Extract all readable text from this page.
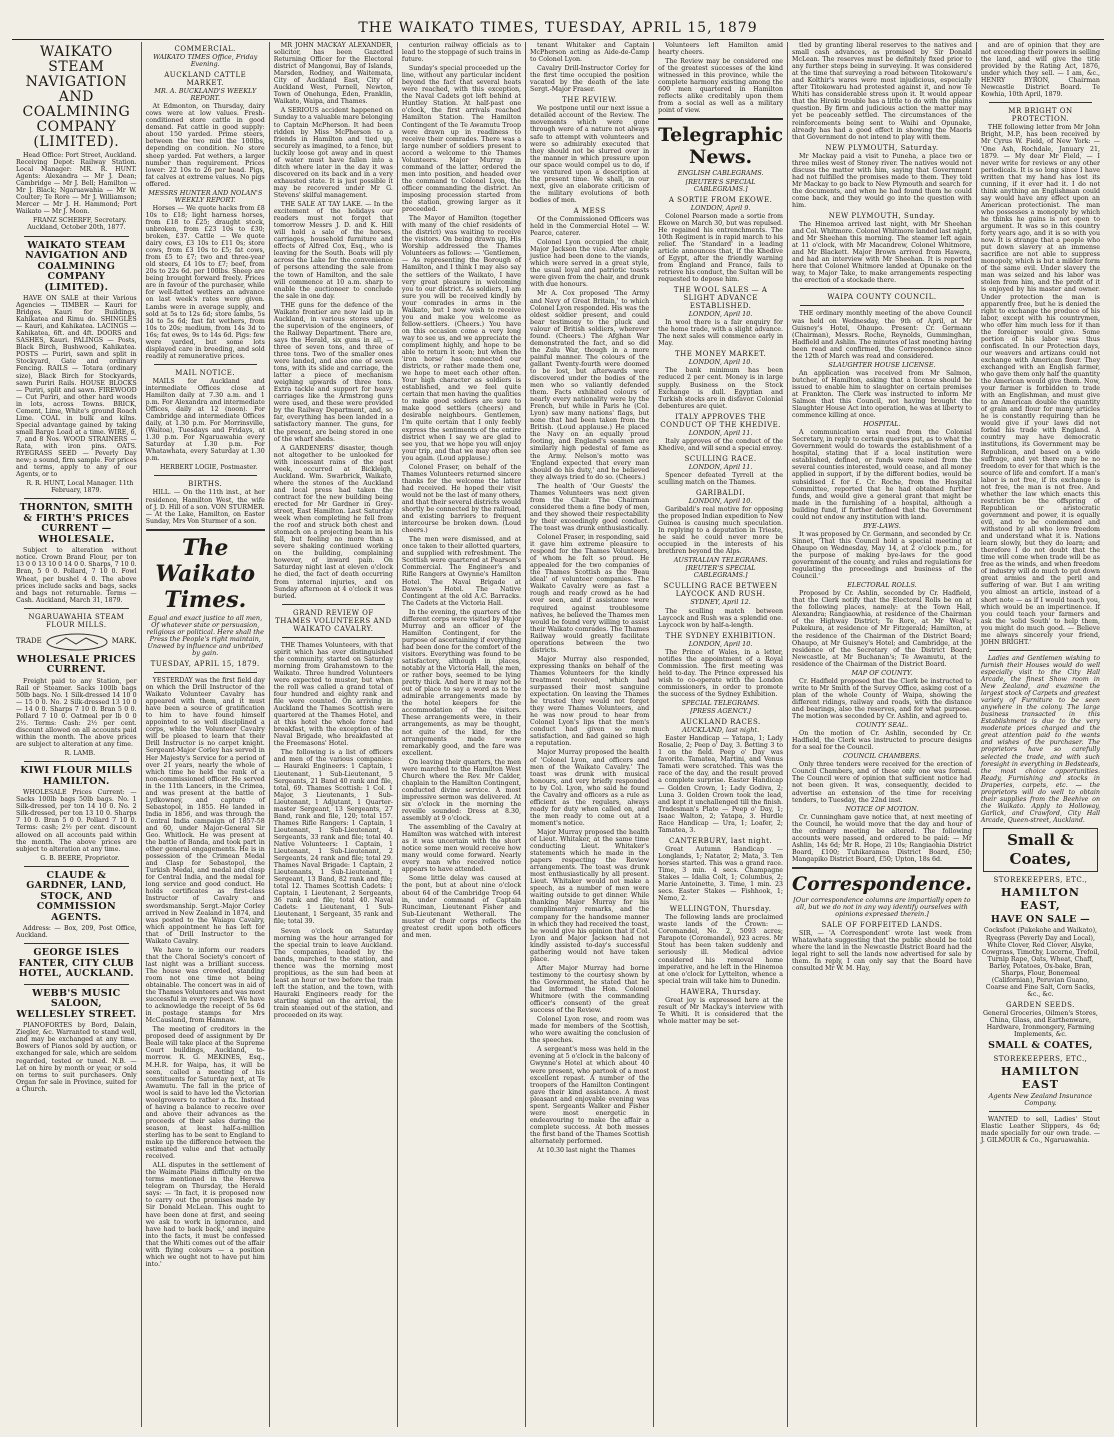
THE WAIKATO TIMES, TUESDAY, APRIL 15, 1879
WAIKATO STEAM NAVIGATION AND COALMINING COMPANY (LIMITED).

Head Office: Port Street, Auckland. Receiving Depot: Railway Station. Local Manager: MR. R. HUNT. Agents: Alexandra — Mr J. Dean; Cambridge — Mr J. Bell; Hamilton — Mr J. Black; Ngaruawahia — Mr W. Coulter; Te Rore — Mr J. Williamson; Mercer — Mr J. H. Hammond; Port Waikato — Mr J. Moon.

FRANZ SCHERFF, Secretary. Auckland, October 20th, 1877.

WAIKATO STEAM NAVIGATION AND COALMINING COMPANY (LIMITED).

HAVE ON SALE at their Various Agencies — TIMBER — Kauri for Bridges, Kauri for Buildings, Kahikatea and Rimu do. SHINGLES — Kauri, and Kahikatea. LACINGS — Kahikatea, 6ft. and 4ft. DOORS and SASHES, Kauri. PALINGS — Posts, Black Birch, Bushwood, Kahikatea. POSTS — Puriri, sawn and split in Stockyard, Gate and ordinary Fencing. RAILS — Totara (ordinary size), Black Birch for Stockyards, sawn Puriri Rails. HOUSE BLOCKS — Puriri, split and sawn. FIREWOOD — Cut Puriri, and other hard woods in lots, across Towns. BRICK, Cement, Lime, White's ground Roach Lime. COAL in bulk and kilns. Special advantage gained by taking small Barge Load at a time. WIRE, 6, 7, and 8 Nos. WOOD STRAINERS — Rata, with iron pins. OATS. RYEGRASS SEED — Peverly Day new; a sound, firm sample. For prices and terms, apply to any of our Agents, or to

R. R. HUNT, Local Manager. 11th February, 1879.

THORNTON, SMITH & FIRTH'S PRICES CURRENT — WHOLESALE.

Subject to alteration without notice. Crown Brand Flour, per ton 13 0 0 13 10 0 14 0 0. Sharps, 7 10 0. Bran, 5 0 0. Pollard, 7 10 0. Fowl Wheat, per bushel 4 0. The above prices include sacks and bags, sacks and bags not returnable. Terms — Cash. Auckland, March 31, 1879.

NGARUAWAHIA STEAM FLOUR MILLS.
TRADE	MARK.
WHOLESALE PRICES CURRENT.

Freight paid to any Station, per Rail or Steamer. Sacks 100lb bags 50lb bags. No. 1 Silk-dressed 14 10 0 — 15 0 0. No. 2 Silk-dressed 13 10 0 — 14 0 0. Sharps 7 10 0. Bran 5 0 0. Pollard 7 10 0. Oatmeal per lb 0 0 2½. Terms: Cash: 2½ per cent. discount allowed on all accounts paid within the month. The above prices are subject to alteration at any time.

R. LAMB.

KIWI FLOUR MILLS HAMILTON.

WHOLESALE Prices Current: — Sacks 100lb bags 50lb bags. No. 1 Silk-dressed, per ton 14 10 0. No. 2 Silk-dressed, per ton 13 10 0. Sharps 7 10 0. Bran 5 0 0. Pollard 7 10 0. Terms: cash; 2½ per cent. discount allowed on all accounts paid within the month. The above prices are subject to alteration at any time.

G. B. BEERE, Proprietor.

CLAUDE & GARDNER, LAND, STOCK, AND COMMISSION AGENTS.

Address: — Box, 209, Post Office, Auckland.

GEORGE ISLES FANTER, CITY CLUB HOTEL, AUCKLAND.
WEBB'S MUSIC SALOON, WELLESLEY STREET.

PIANOFORTES by Bord, Dalain, Ziegler, &c. Warranted to stand well, and may be exchanged at any time. Bowers of Pianos sold by auction, or exchanged for sale, which are seldom regarded, tested or tuned. N.B. — Let on hire by month or year, or sold on terms to suit purchasers. Only Organ for sale in Province, suited for a Church.

COMMERCIAL.
WAIKATO TIMES Office, Friday Evening.
AUCKLAND CATTLE MARKET.
MR. A. BUCKLAND'S WEEKLY REPORT.

At Edmonton, on Thursday, dairy cows were at low values. Fresh-conditioned store cattle in good demand. Fat cattle in good supply: about 150 yarded. Prime steers, between the two mid the 100lbs, depending on condition. No store sheep yarded. Fat wethers, a larger number than requirement. Prices lower: 22 10s to 26 per head. Pigs, fat calves at extreme values. No pigs offered.

MESSRS HUNTER AND NOLAN'S WEEKLY REPORT.

Horses — We quote hacks from £8 10s to £18; light harness horses, from £18 to £25; draught stock, unbroken, from £23 10s to £30; broken, £37. Cattle — We quote dairy cows, £3 10s to £11 0s; store cows, from £3 10s to £5; fat cows, from £5 to £7; two and three-year old steers, £4 10s to £7; beef, from 20s to 22s 6d. per 100lbs. Sheep are being brought forward freely. Prices are in favour of the purchaser, while for well-fatted wethers an advance on last week's rates were given. Lambs were in average supply, and sold at 5s to 12s 6d; store lambs, 5s 3d to 5s 6d; fast fat wethers, from 10s to 20s; medium, from 14s 3d to 16s; fat ewes, 9s to 14s 6d. Pigs: few were yarded, but some lots displayed care in breeding, and sold readily at remunerative prices.

MAIL NOTICE.

MAILS for Auckland and intermediate Offices close at Hamilton daily at 7.30 a.m. and 1 p.m. For Alexandra and intermediate Offices, daily at 12 (noon). For Cambridge and intermediate Offices daily, at 1.30 p.m. For Morrinsville, (Waitoa), Tuesdays and Fridays, at 1.30 p.m. For Ngaruawahia every Saturday at 1.30 p.m. For Whatawhata, every Saturday at 1.30 p.m.

HERBERT LOGIE, Postmaster.

BIRTHS.

HILL. — On the 11th inst., at her residence, Hamilton West, the wife of J. D. Hill of a son. VON STURMER. — At the Lake, Hamilton, on Easter Sunday, Mrs Von Sturmer of a son.

The Waikato Times.
Equal and exact justice to all men, Of whatever state or persuasion, religious or political. Here shall the Press the People's right maintain, Unawed by influence and unbribed by gain.
TUESDAY, APRIL 15, 1879.

YESTERDAY was the first field day on which the Drill Instructor of the Waikato Volunteer Cavalry has appeared with them, and it must have been a source of gratification to him to have found himself appointed to so well disciplined a corps, while the Volunteer Cavalry will be pleased to learn that their Drill Instructor is no carpet knight. Sergeant-Major Corley has served in Her Majesty's Service for a period of over 21 years, nearly the whole of which time he held the rank of a non-commissioned officer. He served in the 11th Lancers, in the Crimea, and was present at the battle of Lydkowney, and capture of Sebastopol, in 1855. He landed in India in 1856, and was through the Central India campaign of 1857-58 and 60, under Major-General Sir Geo. Whitlock. He was present at the battle of Banda, and took part in other general engagements. He is in possession of the Crimean Medal and Clasp for Sebastopol, the Turkish Medal, and medal and clasp for Central India, and the medal for long service and good conduct. He holds certificates as first-class Instructor of Cavalry and swordsmanship. Sergt.-Major Corley arrived in New Zealand in 1874, and was posted to the Waiapu Cavalry, which appointment he has left for that of Drill Instructor to the Waikato Cavalry.

We have to inform our readers that the Choral Society's concert of last night was a brilliant success. The house was crowded, standing room not one time not being obtainable. The concert was in aid of the Thames Volunteers and was most successful in every respect. We have to acknowledge the receipt of 5s 6d in postage stamps for Mrs McCausland, from Hamnaw.

The meeting of creditors in the proposed deed of assignment by Dr Beale will take place at the Supreme Court buildings, Auckland, to-morrow. R. G. MEKINES, Esq., M.H.R. for Waipa, has, it will be seen, called a meeting of his constituents for Saturday next, at Te Awamutu. The fall in the price of wool is said to have led the Victorian woolgrowers to rather a fix. Instead of having a balance to receive over and above their advances as the proceeds of their sales during the season, at least half-a-million sterling has to be sent to England to make up the difference between the estimated value and that actually received.

ALL disputes in the settlement of the Waimate Plains difficulty on the terms mentioned in the Herewa telegram on Thursday, the Herald says: — 'In fact, it is proposed now to carry out the promises made by Sir Donald McLean. This ought to have been done at first, and seeing we ask to work in ignorance, and have had to back back,' and inquire into the facts, it must be confessed that the Whiti comes out of the affair with flying colours — a position which we ought not to have put him into.'

MR JOHN MACKAY ALEXANDER, solicitor, has been Gazetted Returning Officer for the Electoral district of Mangonui, Bay of Islands, Marsden, Rodney, and Waitemata, City of Auckland East, City of Auckland West, Parnell, Newton, Town of Onehunga, Eden, Franklin, Waikato, Waipa, and Thames.

A SERIOUS accident happened on Sunday to a valuable mare belonging to Captain McPherson. It had been ridden by Miss McPherson to a friends in Hamilton and tied up, securely as imagined, to a fence, but luckily loose got away and in quest of water must have fallen into a ditch where later in the day it was discovered on its back and in a very exhausted state. It is just possible it may be recovered under Mr G. Stevens' skilful management.

THE SALE AT TAY LAKE. — In the excitement of the holidays our readers must not forget that tomorrow Messrs J. D. and K. Hill will hold a sale of the horses, carriages, household furniture and effects of Alfred Cox, Esq., who is leaving for the South. Boats will ply across the Lake for the convenience of persons attending the sale from the town of Hamilton, and the sale will commence at 10 a.m. sharp to enable the auctioneer to conclude the sale in one day.

THE guns for the defence of the Waikato frontier are now laid up in Auckland, in various stores under the supervision of the engineers, of the Railway Department. There are, says the Herald, six guns in all, — three of seven tons, and three of three tons. Two of the smaller ones were landed, and also one of seven tons, with its slide and carriage, the latter a piece of mechanism weighing upwards of three tons. Extra tackle and support for heavy carriages like the Armstrong guns were used, and these were provided by the Railway Department, and, so far, everything has been landed in a satisfactory manner. The guns, for the present, are being stored in one of the wharf sheds.

A GARDENERS' disaster, though not altogether to be unlooked for with incessant rains of the past week, occurred at Bickleigh, Auckland. Wm. Swarbrick, Waikato, where the stones of the Auckland and local press had taken the contract for the new building being erected for Mr Gardner in Grey-street, East Hamilton. Last Saturday week when completing he fell from the roof and struck both chest and stomach on a projecting beam in his fall, but feeling no more than a severe shaking continued working on the building, complaining however, of inward pain. On Saturday night last at eleven o'clock he died, the fact of death occurring from internal injuries, and on Sunday afternoon at 4 o'clock it was buried.

GRAND REVIEW OF THAMES VOLUNTEERS AND WAIKATO CAVALRY.

THE Thames Volunteers, with that spirit which has ever distinguished the community, started on Saturday morning from Grahamstown to the Waikato. Three hundred Volunteers were expected to muster, but when the roll was called a grand total of four hundred and eighty rank and file were counted. On arriving in Auckland the Thames Scottish were quartered at the Thames Hotel, and at this hotel the whole force had breakfast, with the exception of the Naval Brigade, who breakfasted at the Freemasons' Hotel.

The following is a list of officers and men of the various companies: — Hauraki Engineers: 1 Captain, 1 Lieutenant, 1 Sub-Lieutenant, 5 Sergeants, 21 Band 40 rank and file, total, 69. Thames Scottish: 1 Col. 1 Major, 3 Lieutenants, 1 Sub-Lieutenant, 1 Adjutant, 1 Quarter-master Sergeant, 13 Sergeants, 27 Band, rank and file, 120; total 157. Thames Rifle Rangers: 1 Captain, 1 Lieutenant, 1 Sub-Lieutenant, 4 Sergeants, 33 rank and file; total 40. Native Volunteers: 1 Captain, 1 Lieutenant, 1 Sub-Lieutenant, 2 Sergeants, 24 rank and file; total 29. Thames Naval Brigade: 1 Captain, 2 Lieutenants, 1 Sub-Lieutenant, 1 Sergeant, 13 Band, 82 rank and file; total 12. Thames Scottish Cadets: 1 Captain, 1 Lieutenant, 2 Sergeants, 36 rank and file; total 40. Naval Cadets: 1 Lieutenant, 1 Sub-Lieutenant, 1 Sergeant, 35 rank and file; total 39.

Seven o'clock on Saturday morning was the hour arranged for the special train to leave Auckland. The companies, headed by the bands, marched to the station, and thence was the morning most propitious, as the sun had been at least an hour or two before the train left the station, and the town, with Hauraki Engineers ready for the starting signal on the arrival, the train steamed out of the station, and proceeded on its way.

centurion railway officials as to lead to the stoppage of such trains in future.

Sunday's special proceeded up the line, without any particular incident beyond the fact that several heats were reached, with this exception, the Naval Cadets got left behind at Huntley Station. At half-past one o'clock, the first arrivals reached Hamilton Station. The Hamilton Contingent of the Te Awamutu Troop were drawn up in readiness to receive their comrades. There was a large number of soldiers present to accord a welcome to the Thames Volunteers. Major Murray in command of the latter, ordered the men into position, and headed over the command to Colonel Lyon, the officer commanding the district. An imposing procession started from the station, growing larger as it proceeded.

The Mayor of Hamilton (together with many of the chief residents of the district) was waiting to receive the visitors. On being drawn up, His Worship addressed the Thames Volunteers as follows: — 'Gentlemen, — As representing the Borough of Hamilton, and I think I may also say the settlers of the Waikato, I have very great pleasure in welcoming you to our district. As soldiers, I am sure you will be received kindly by your comrades in arms in the Waikato, but I now wish to receive you and make you welcome as fellow-settlers. (Cheers.) You have on this occasion come a very long way to see us, and we appreciate the compliment highly, and hope to be able to return it soon; but when the 'iron horse' has connected our districts, or rather made them one, we hope to meet each other often. Your high character as soldiers is established, and we feel quite certain that men having the qualities to make good soldiers are sure to make good settlers (cheers) and desirable neighbours. Gentlemen, I'm quite certain that I only feebly express the sentiments of the entire district when I say we are glad to see you, that we hope you will enjoy your trip, and that we may often see you again. (Loud applause.)

Colonel Fraser, on behalf of the Thames Volunteers returned sincere thanks for the welcome the latter had received. He hoped their visit would not be the last of many others, and that their several districts would shortly be connected by the railroad, and existing barriers to frequent intercourse be broken down. (Loud cheers.)

The men were dismissed, and at once taken to their allotted quarters, and supplied with refreshment. The Scottish were quartered at Pearson's Commercial. The Engineer's and Rifle Rangers at Gwynne's Hamilton Hotel. The Naval Brigade at Dawson's Hotel. The Native Contingent at the old A.C. Barracks. The Cadets at the Victoria Hall.

In the evening, the quarters of the different corps were visited by Major Murray and an officer of the Hamilton Contingent, for the purpose of ascertaining if everything had been done for the comfort of the visitors. Everything was found to be satisfactory, although in places, notably at the Victoria Hall, the men, or rather boys, seemed to be lying pretty thick. And here it may not be out of place to say a word as to the admirable arrangements made by the hotel keepers for the accommodation of the visitors. These arrangements were, in their arrangements, as may be thought, not quite of the kind, for the arrangements made were remarkably good, and the fare was excellent.

On leaving their quarters, the men were marched to the Hamilton West Church where the Rev. Mr Calder, chaplain to the Hamilton Contingent, conducted divine service. A most impressive sermon was delivered. At six o'clock in the morning the reveille sounded: Dress at 8.30, assembly at 9 o'clock.

The assembling of the Cavalry at Hamilton was watched with interest as it was uncertain with the short notice some men would receive how many would come forward. Nearly every man who received notice appears to have attended.

Some little delay was caused at the pont, but at about nine o'clock about 64 of the Cambridge Troop 64 in, under command of Captain Runciman, Lieutenant Fisher and Sub-Lieutenant Wetherall. The muster of their corps reflects the greatest credit upon both officers and men.

tenant Whitaker and Captain McPherson acting as Aide-de-Camp to Colonel Lyon.

Cavalry Drill-Instructor Corley for the first time occupied the position vacated by the death of the late Sergt.-Major Fraser.

THE REVIEW.

We postpone until our next issue a detailed account of the Review. The movements which were gone through were of a nature not always safe to attempt with volunteers and were so admirably executed that they should not be slurred over in the manner in which pressure upon our space would compel us to do, if we ventured upon a description at the present time. We shall, in our next, give an elaborate criticism of the military evolutions of both bodies of men.

A MESS

Of the Commissioned Officers was held in the Commercial Hotel — W. Pearce, caterer.

Colonel Lyon occupied the chair, Major Jackson the vice. After ample justice had been done to the viands, which were served in a great style, the usual loyal and patriotic toasts were given from the chair, and drunk with due honours.

Mr A. Cox proposed 'The Army and Navy of Great Britain,' to which Colonel Lyon responded. His was the oldest soldier present, and could bear testimony to the pluck and valour of British soldiers, wherever found. (Cheers.) The Afghan War demonstrated the fact, and so did the Zulu War, though in a more painful manner. The colours of the gallant Twenty-fourth were doomed to be lost, but afterwards were discovered under the bodies of the men who so valiantly defended them. Facts exhibited colours of nearly every nationality were by the French, but while in Paris he (Col. Lyon) saw many nations' flags, but none that had been taken from the British. (Loud applause.) He placed the Navy on an equally proud footing, and England's seamen are similarly high pedestal of fame as the Army. Nelson's motto was 'England expected that every man should do his duty,' and he believed they always tried to do so. (Cheers.)

The health of 'Our Guests' the Thames Volunteers was next given from the Chair. The Chairman considered them a fine body of men, and they showed their respectability by their exceedingly good conduct. The toast was drunk enthusiastically.

Colonel Fraser, in responding, said it gave him extreme pleasure to respond for the Thames Volunteers, of whom he felt so proud. He appealed for the two companies of the Thames Scottish as the 'Beau ideal' of volunteer companies. The Waikato Cavalry were as fast a rough and ready crowd as he had ever seen, and if assistance were required against troublesome natives, he believed the Thames men would be found very willing to assist their Waikato comrades. The Thames Railway would greatly facilitate operations between the two districts.

Major Murray also responded, expressing thanks on behalf of the Thames Volunteers for the kindly treatment received, which had surpassed their most sanguine expectation. On leaving the Thames he trusted they would not forget they were Thames Volunteers, and he was now proud to hear from Colonel Lyon's lips that the men's conduct had given so much satisfaction, and had gained so high a reputation.

Major Murray proposed the health of 'Colonel Lyon, and officers and men of the Waikato Cavalry.' The toast was drunk with musical honours, and very briefly responded to by Col. Lyon, who said he found the Cavalry and officers as a rule as efficient as the regulars, always ready for duty when called on, and the men ready to come out at a moment's notice.

Major Murray proposed the health of Lieut. Whitaker, at the same time conducting Lieut. Whitaker's statements which he made in the papers respecting the Review arrangements. The toast was drunk most enthusiastically by all present. Lieut. Whitaker would not make a speech, as a number of men were waiting outside to get dinner. While thanking Major Murray for his complimentary remarks, and the company for the handsome manner in which they had received the toast, he would give his opinion that if Col. Lyon and Major Jackson had not kindly assisted to-day's successful gathering would not have taken place.

After Major Murray had borne testimony to the courtesy shown by the Government, he stated that he had informed the Hon. Colonel Whitmore (with the commanding officer's consent) of the great success of the Review.

Colonel Lyon rose, and room was made for members of the Scottish, who were awaiting the conclusion of the speeches.

A sergeant's mess was held in the evening at 5 o'clock in the balcony of Gwynne's Hotel at which about 40 were present, who partook of a most excellent repast. A number of the troopers of the Hamilton Contingent gave their kind assistance. A most pleasant and enjoyable evening was spent. Sergeants Walker and Fisher were most energetic in endeavouring to make the affair a complete success. At both messes the first band of the Thames Scottish alternately performed.

At 10.30 last night the Thames

Volunteers left Hamilton amid hearty cheers.

The Review may be considered one of the greatest successes of the kind witnessed in this province, while the complete harmony existing among the 600 men quartered in Hamilton reflects alike creditably upon them from a social as well as a military point of view.

Telegraphic News.
ENGLISH CABLEGRAMS.
[REUTER'S SPECIAL CABLEGRAMS.]
A SORTIE FROM EKOWE.
LONDON, April 9.

Colonel Pearson made a sortie from Ekowe on March 30, but was repulsed. He regained his entrenchments. The 10th Regiment is in rapid march to his relief. The 'Standard' in a leading article announces that, if the Khedive of Egypt, after the friendly warning from England and France, fails to retrieve his conduct, the Sultan will be requested to depose him.

THE WOOL SALES — A SLIGHT ADVANCE ESTABLISHED.
LONDON, April 10.

In wool there is a fair enquiry for the home trade, with a slight advance. The next sales will commence early in May.

THE MONEY MARKET.
LONDON, April 10.

The bank minimum has been reduced 2 per cent. Money is in large supply. Business on the Stock Exchange is dull. Egyptian and Turkish stocks are in disfavor. Colonial debentures are quiet.

ITALY APPROVES THE CONDUCT OF THE KHEDIVE.
LONDON, April 11.

Italy approves of the conduct of the Khedive, and will send a special envoy.

SCULLING RACE.
LONDON, April 11.

Spencer defeated Tyrrell at the sculling match on the Thames.

GARIBALDI.
LONDON, April 10.

Garibaldi's real motive for opposing the proposed Indian expedition to New Guinea is causing much speculation. In replying to a deputation in Trieste, he said he could never more be occupied in the interests of his brethren beyond the Alps.

AUSTRALIAN TELEGRAMS.
[REUTER'S SPECIAL CABLEGRAMS.]
SCULLING RACE BETWEEN LAYCOCK AND RUSH.
SYDNEY, April 12.

The sculling match between Laycock and Rush was a splendid one. Laycock won by half-a-length.

THE SYDNEY EXHIBITION.
LONDON, April 10.

The Prince of Wales, in a letter, notifies the appointment of a Royal Commission. The first meeting was held to-day. The Prince expressed his wish to co-operate with the London commissioners, in order to promote the success of the Sydney Exhibition.

SPECIAL TELEGRAMS.
[PRESS AGENCY.]
AUCKLAND RACES.
AUCKLAND, last night.

Easter Handicap — Yatapa, 1; Lady Rosalie, 2; Peep o' Day, 3. Betting 3 to 1 on the field. Peep o' Day was favorite. Tamatea, Martini, and Venus Tamati were scratched. This was the race of the day, and the result proved a complete surprise. Easter Handicap — Golden Crown, 1; Lady Godiva, 2; Luna 3. Golden Crown took the lead, and kept it unchallenged till the finish. Tradesman's Plate — Peep o' Day, 1; Isaac Walton, 2; Yatapa, 3. Hurdle Race Handicap — Ura, 1; Loafer, 2; Tamatea, 3.

CANTERBURY, last night.

Great Autumn Handicap — Longlands, 1; Natator, 2; Mata, 3. Ten horses started. This was a grand race. Time, 3 min. 4 secs. Champagne Stakes — Idalia Colt, 1; Columbus, 2; Marie Antoinette, 3. Time, 1 min. 23 secs. Easter Stakes — Fishhook, 1; Nemo, 2.

WELLINGTON, Thursday.

The following lands are proclaimed waste lands of the Crown: — Coromandel, No. 2, 5093 acres; Parapote (Coromandel), 923 acres. Mr Stout has been taken suddenly and seriously ill. Medical advice considered his removal home imperative, and he left in the Hinemoa at one o'clock for Lyttelton, whence a special train will take him to Dunedin.

HAWERA, Thursday.

Great joy is expressed here at the result of Mr Mackay's interview with Te Whiti. It is considered that the whole matter may be set-

tled by granting liberal reserves to the natives and small cash advances, as promised by Sir Donald McLean. The reserves must be definitely fixed prior to any further steps being in surveying. It was considered at the time that surveying a road between Titokowaru's and Kolthir's wares were most injudicious, especially after Titokowaru had protested against it, and now Te Whiti has considerable stress upon it. It would appear that the Hiroki trouble has a little to do with the plains question. By firm and judicious action the matter may yet be peaceably settled. The circumstances of the reinforcements being sent to Waihi and Opunake, already has had a good effect in showing the Maoris that Government do not intend to play with them.

NEW PLYMOUTH, Saturday.

Mr Mackay paid a visit to Puneha, a place two or three miles west of Stoney river. The natives would not discuss the matter with him, saying that Government had not fulfilled the promises made to them. They told Mr Mackay to go back to New Plymouth and search for the documents, and when he had found them he could come back, and they would go into the question with him.

NEW PLYMOUTH, Sunday.

The Hinemoa arrived last night, with Mr Sheehan and Col. Whitmore. Colonel Whitmore landed last night, and Mr Sheehan this morning. The steamer left again at 11 o'clock, with Mr Macandrew, Colonel Whitmore, and Mr Blackett. Major Brown arrived from Hawera, and had an interview with Mr Sheehan. It is reported here that Colonel Whitmore landed at Opunake on the way, to Major Take, to make arrangements respecting the erection of a stockade there.

WAIPA COUNTY COUNCIL.

THE ordinary monthly meeting of the above Council was held on Wednesday, the 9th of April, at Mr Guisney's Hotel, Ohaupo. Present: Cr. Germann (Chairman), Messrs. Roche, Reynolds, Gumminghan, Hadfield and Ashlin. The minutes of last meeting having been read and confirmed, the Correspondence since the 12th of March was read and considered.

SLAUGHTER HOUSE LICENSE.

An application was received from Mr Salmon, butcher, of Hamilton, asking that a license should be issued to enable him to slaughter on certain premises at Frankton. The Clerk was instructed to inform Mr Salmon that this Council, not having brought the Slaughter House Act into operation, he was at liberty to commence killing at once.

HOSPITAL.

A communication was read from the Colonial Secretary, in reply to certain queries put, as to what the Government would do towards the establishment of a hospital, stating that if a local institution were established, defined, or funds were raised from the several counties interested, would cease, and all money applied in support, if by the different bodies, would be subsidised £ for £. Cr. Roche, from the Hospital Committee, reported that he had obtained further funds, and would give a general grant that might be made in the furnishing of a hospital, although a building fund, if further defined that the Government could not endow any institution with land.

BYE-LAWS.

It was proposed by Cr. Germann, and seconded by Cr. Sinnet, 'That this Council hold a special meeting at Ohaupo on Wednesday, May 14, at 2 o'clock p.m., for the purpose of making bye-laws for the good government of the county, and rules and regulations for regulating the proceedings and business of the Council.'

ELECTORAL ROLLS.

Proposed by Cr. Ashlin, seconded by Cr. Hadfield, that the Clerk notify that the Electoral Rolls be on at the following places, namely: at the Town Hall, Alexandra; Rangiaowhia, at residence of the Chairman of the Highway District; Te Rore, at Mr Weal's; Pukekura, at residence of Mr Fitzgerald; Hamilton, at the residence of the Chairman of the District Board; Ohaupo, at Mr Guisney's Hotel; and Cambridge, at the residence of the Secretary of the District Board; Newcastle, at Mr Buchanan's; Te Awamutu, at the residence of the Chairman of the District Board.

MAP OF COUNTY.

Cr. Hadfield proposed that the Clerk be instructed to write to Mr Smith of the Survey Office, asking cost of a plan of the whole County of Waipa, showing the different ridings, railway and roads, with the distance and bearings, also the reserves, and for what purpose. The motion was seconded by Cr. Ashlin, and agreed to.

COUNTY SEAL.

On the motion of Cr. Ashlin, seconded by Cr. Hadfield, the Clerk was instructed to procure designs for a seal for the Council.

COUNCIL CHAMBERS.

Only three tenders were received for the erection of Council Chambers, and of these only one was formal. The Council were of opinion that sufficient notice had not been given. It was, consequently, decided to advertise an extension of the time for receiving tenders, to Tuesday, the 22nd inst.

NOTICE OF MOTION.

Cr. Cunningham gave notice that, at next meeting of the Council, he would move that the day and hour of the ordinary meeting be altered. The following accounts were passed, and ordered to be paid: — Mr Ashlin, 14s 6d; Mr R. Hope, 2l 10s; Rangiaohia District Board, £100; Tuhikaramea District Board, £50; Mangapiko District Board, £50; Upton, 18s 6d.

Correspondence.
[Our correspondence columns are impartially open to all, but we do not in any way identify ourselves with opinions expressed therein.]
SALE OF FORFEITED LANDS.

SIR, — 'A Correspondent' wrote last week from Whatawhata suggesting that the public should be told where the land in the Newcastle District Board had the legal right to sell the lands now advertised for sale by them. In reply, I can only say that the Board have consulted Mr W. M. Hay,

and are of opinion that they are not exceeding their powers in selling the land, and will give the title provided by the Rating Act, 1876, under which they sell. — I am, &c., HENRY BYRON, Chairman Newcastle District Board. Te Kowhia, 10th April, 1879.

MR BRIGHT ON PROTECTION.

THE following letter from Mr John Bright, M.P., has been received by Mr Cyrus W. Field, of New York: — 'One Ash, Rochdale, January 21, 1879. — My dear Mr Field, — I never write for reviews or any other periodicals. It is so long since I have written that my hand has lost its cunning, if it ever had it. I do not think anything an Englishman could say would have any effect upon an American protectionist. The man who possesses a monopoly by which he thinks he gains is not open to argument. It was so in this country forty years ago, and it is so with you now. It is strange that a people who put down slavery at an immense sacrifice are not able to suppress monopoly, which is but a milder form of the same evil. Under slavery the man was seized and his labor was stolen from him, and the profit of it is enjoyed by his master and owner. Under protection the man is apparently free, but he is denied the right to exchange the produce of his labor, except with his countrymen, who offer him much less for it than the foreigner would give. Some portion of his labor was thus confiscated. In our Protection days, our weavers and artizans could not exchange with American flour. They exchanged with an English farmer, who gave them only half the quantity the American would give them. Now, your farmer is forbidden to trade with an Englishman, and must give to an American double the quantity of grain and flour for many articles he is constantly requiring than he would give if your laws did not forbid his trade with England. A country may have democratic institutions, its Government may be Republican, and based on a wide suffrage, and yet there may be no freedom to ever for that which is the source of life and comfort. If a man's labor is not free, if its exchange is not free, the man is not free. And whether the law which enacts this restriction be the offspring of Republican or aristocratic government and power, it is equally evil, and to be condemned and withstood by all who love freedom and understand what it is. Nations learn slowly, but they do learn; and therefore I do not doubt that the time will come when trade will be as free as the winds, and when freedom of industry will do much to put down great armies and the peril and suffering of war. But I am writing you almost an article, instead of a short note — as if I would teach you, which would be an impertinence. If you could teach your farmers and ask the 'solid South' to help them, you might do much good. — Believe me always sincerely your friend, JOHN BRIGHT.'

Ladies and Gentlemen wishing to furnish their Houses would do well especially visit to the City Hall Arcade, the finest Show room in New Zealand, and examine the largest stock of Carpets and greatest variety of Furniture to be seen anywhere in the colony. The large business transacted in this Establishment is due to the very moderate prices charged and the great attention paid to the wants and wishes of the purchaser. The proprietors have so carefully selected the trade, and with such foresight in everything in Bedsteads, the most choice opportunities. Ready, Furnishing and stocks in Draperies, carpets, etc. — the proprietors will do well to obtain their supplies from the Beehive on the Waikato. Apply to Holloway, Garlick, and Crawford, City Hall Arcade, Queen-street, Auckland.

Small & Coates,
STOREKEEPERS, ETC.,
HAMILTON EAST,
HAVE ON SALE —

Cocksfoot (Pukekohe and Waikato), Ryegrass (Peverly Day and Local), White Clover, Red Clover, Alsyke, Cowgrass, Timothy, Lucerne, Trefoil, Turnip Rape, Oats, Wheat, Chaff, Barley, Potatoes, Ox-bake, Bran, Sharps, Flour, Bonemeal (Californian), Peruvian Guano, Coarse and Fine Salt, Corn Sacks, &c., &c.

GARDEN SEEDS.

General Groceries, Oilmen's Stores, China, Glass, and Earthenware, Hardware, Ironmongery, Farming Implements, &c.

SMALL & COATES,
STOREKEEPERS, ETC.,
HAMILTON EAST
Agents New Zealand Insurance Company.

WANTED to sell, Ladies' Stout Elastic Leather Slippers, 4s 6d; made specially for our own trade. — J. GILMOUR & Co., Ngaruawahia.
